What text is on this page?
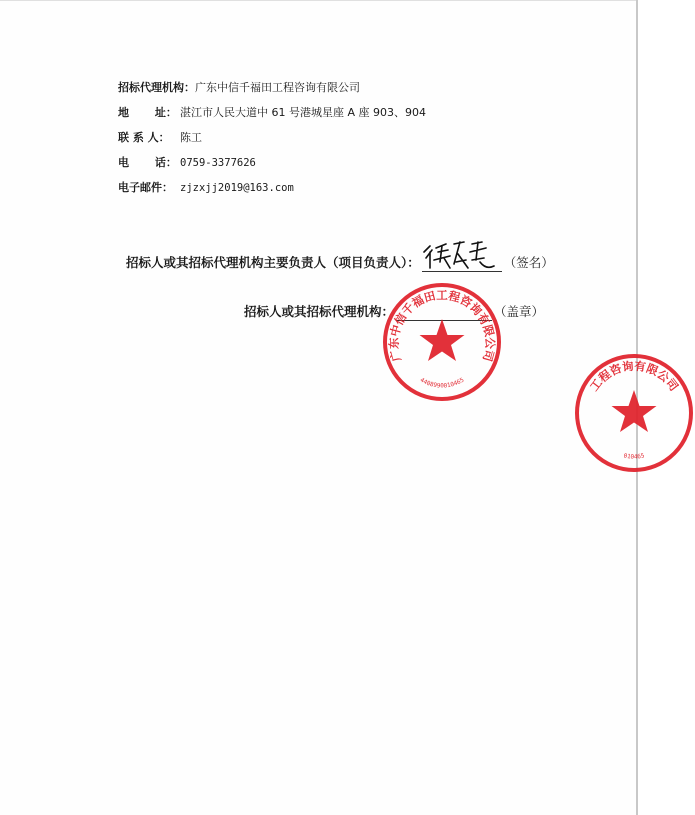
招标代理机构：广东中信千福田工程咨询有限公司
地 址： 湛江市人民大道中 61 号港城星座 A 座 903、904
联 系 人： 陈工
电 话： 0759-3377626
电子邮件： zjzxjj2019@163.com
招标人或其招标代理机构主要负责人（项目负责人）：	（签名）
招标人或其招标代理机构：	（盖章）
广东中信千福田工程咨询有限公司
4408990010465	工程咨询有限公司
010465
